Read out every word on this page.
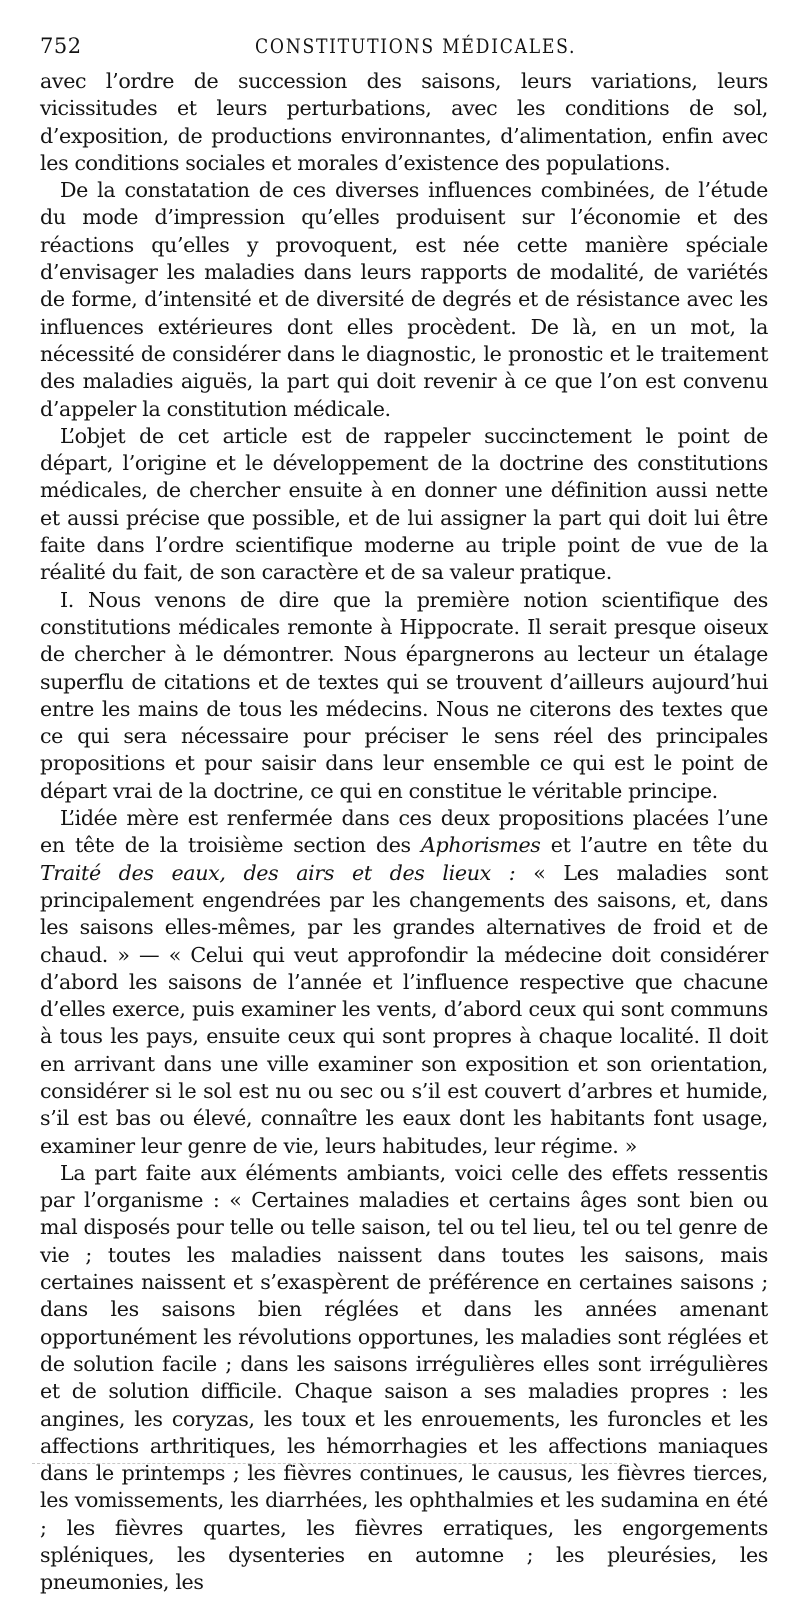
752	CONSTITUTIONS MÉDICALES.

avec l’ordre de succession des saisons, leurs variations, leurs vicissitudes et leurs perturbations, avec les conditions de sol, d’exposition, de productions environnantes, d’alimentation, enfin avec les conditions sociales et morales d’existence des populations.

De la constatation de ces diverses influences combinées, de l’étude du mode d’impression qu’elles produisent sur l’économie et des réactions qu’elles y provoquent, est née cette manière spéciale d’envisager les maladies dans leurs rapports de modalité, de variétés de forme, d’intensité et de diversité de degrés et de résistance avec les influences extérieures dont elles procèdent. De là, en un mot, la nécessité de considérer dans le diagnostic, le pronostic et le traitement des maladies aiguës, la part qui doit revenir à ce que l’on est convenu d’appeler la constitution médicale.

L’objet de cet article est de rappeler succinctement le point de départ, l’origine et le développement de la doctrine des constitutions médicales, de chercher ensuite à en donner une définition aussi nette et aussi précise que possible, et de lui assigner la part qui doit lui être faite dans l’ordre scientifique moderne au triple point de vue de la réalité du fait, de son caractère et de sa valeur pratique.

I. Nous venons de dire que la première notion scientifique des constitutions médicales remonte à Hippocrate. Il serait presque oiseux de chercher à le démontrer. Nous épargnerons au lecteur un étalage superflu de citations et de textes qui se trouvent d’ailleurs aujourd’hui entre les mains de tous les médecins. Nous ne citerons des textes que ce qui sera nécessaire pour préciser le sens réel des principales propositions et pour saisir dans leur ensemble ce qui est le point de départ vrai de la doctrine, ce qui en constitue le véritable principe.

L’idée mère est renfermée dans ces deux propositions placées l’une en tête de la troisième section des Aphorismes et l’autre en tête du Traité des eaux, des airs et des lieux : « Les maladies sont principalement engendrées par les changements des saisons, et, dans les saisons elles-mêmes, par les grandes alternatives de froid et de chaud. » — « Celui qui veut approfondir la médecine doit considérer d’abord les saisons de l’année et l’influence respective que chacune d’elles exerce, puis examiner les vents, d’abord ceux qui sont communs à tous les pays, ensuite ceux qui sont propres à chaque localité. Il doit en arrivant dans une ville examiner son exposition et son orientation, considérer si le sol est nu ou sec ou s’il est couvert d’arbres et humide, s’il est bas ou élevé, connaître les eaux dont les habitants font usage, examiner leur genre de vie, leurs habitudes, leur régime. »

La part faite aux éléments ambiants, voici celle des effets ressentis par l’organisme : « Certaines maladies et certains âges sont bien ou mal disposés pour telle ou telle saison, tel ou tel lieu, tel ou tel genre de vie ; toutes les maladies naissent dans toutes les saisons, mais certaines naissent et s’exaspèrent de préférence en certaines saisons ; dans les saisons bien réglées et dans les années amenant opportunément les révolutions opportunes, les maladies sont réglées et de solution facile ; dans les saisons irrégulières elles sont irrégulières et de solution difficile. Chaque saison a ses maladies propres : les angines, les coryzas, les toux et les enrouements, les furoncles et les affections arthritiques, les hémorrhagies et les affections maniaques dans le printemps ; les fièvres continues, le causus, les fièvres tierces, les vomissements, les diarrhées, les ophthalmies et les sudamina en été ; les fièvres quartes, les fièvres erratiques, les engorgements spléniques, les dysenteries en automne ; les pleurésies, les pneumonies, les
